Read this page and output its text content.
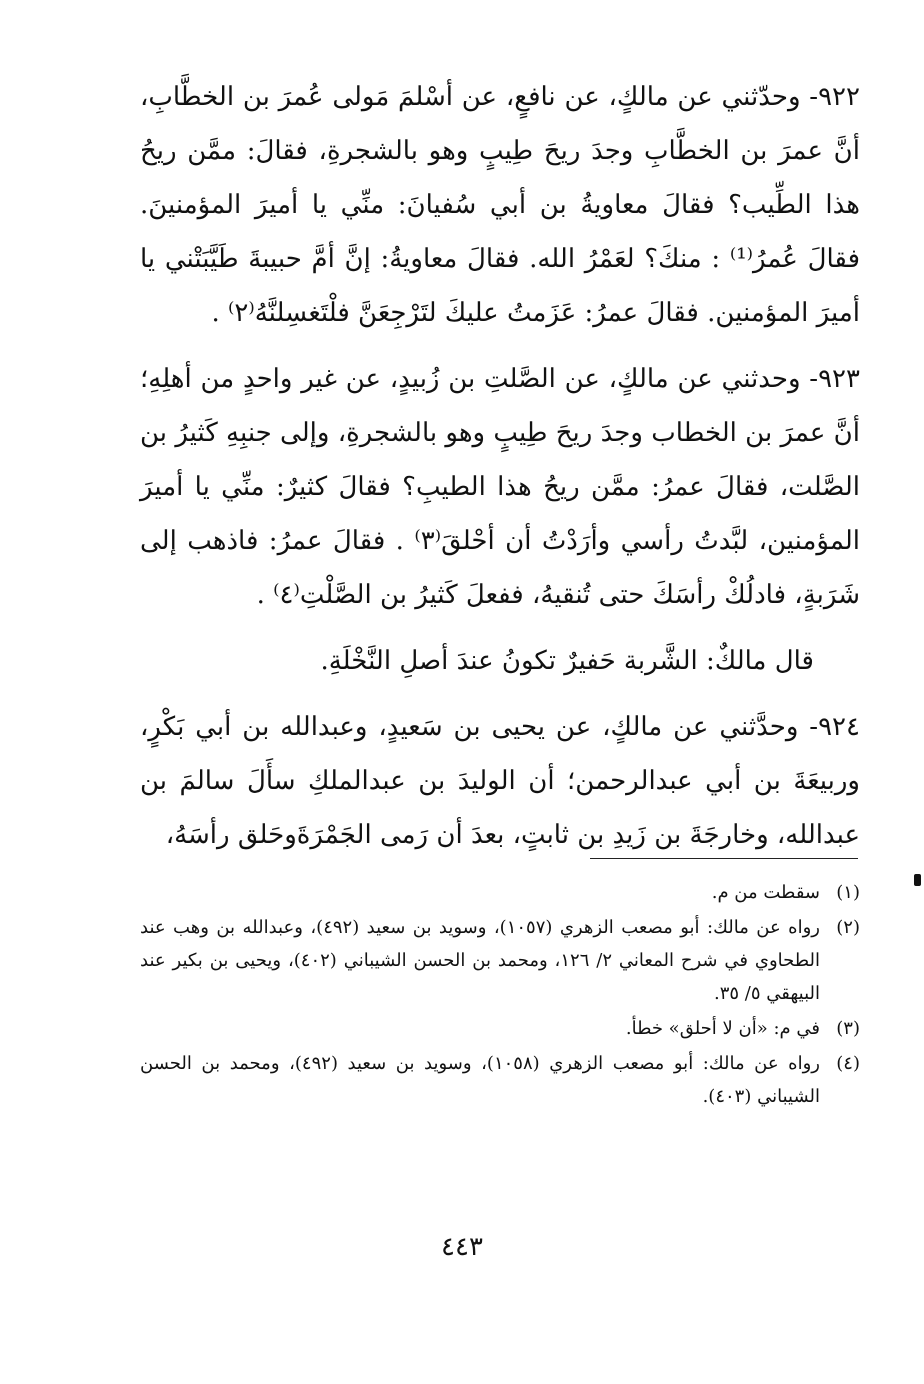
٩٢٢- وحدّثني عن مالكٍ، عن نافعٍ، عن أسْلمَ مَولى عُمرَ بن الخطَّابِ، أنَّ عمرَ بن الخطَّابِ وجدَ ريحَ طِيبٍ وهو بالشجرةِ، فقالَ: ممَّن ريحُ هذا الطِّيب؟ فقالَ معاويةُ بن أبي سُفيانَ: منِّي يا أميرَ المؤمنينَ. فقالَ عُمرُ⁽¹⁾ : منكَ؟ لعَمْرُ الله. فقالَ معاويةُ: إنَّ أمَّ حبيبةَ طَيَّبَتْني يا أميرَ المؤمنين. فقالَ عمرُ: عَزَمتُ عليكَ لتَرْجِعَنَّ فلْتَغسِلنَّهُ⁽٢⁾ .

٩٢٣- وحدثني عن مالكٍ، عن الصَّلتِ بن زُبيدٍ، عن غير واحدٍ من أهلِهِ؛ أنَّ عمرَ بن الخطاب وجدَ ريحَ طِيبٍ وهو بالشجرةِ، وإلى جنبِهِ كَثيرُ بن الصَّلت، فقالَ عمرُ: ممَّن ريحُ هذا الطيبِ؟ فقالَ كثيرٌ: منِّي يا أميرَ المؤمنين، لبَّدتُ رأسي وأرَدْتُ أن أحْلقَ⁽٣⁾ . فقالَ عمرُ: فاذهب إلى شَرَبةٍ، فادلُكْ رأسَكَ حتى تُنقيهُ، ففعلَ كَثيرُ بن الصَّلْتِ⁽٤⁾ .

قال مالكٌ: الشَّربة حَفيرٌ تكونُ عندَ أصلِ النَّخْلَةِ.

٩٢٤- وحدَّثني عن مالكٍ، عن يحيى بن سَعيدٍ، وعبدالله بن أبي بَكْرٍ، وربيعَةَ بن أبي عبدالرحمن؛ أن الوليدَ بن عبدالملكِ سأَلَ سالمَ بن عبدالله، وخارجَةَ بن زَيدِ بن ثابتٍ، بعدَ أن رَمى الجَمْرَةَوحَلق رأسَهُ،

(١)
سقطت من م.
(٢)
رواه عن مالك: أبو مصعب الزهري (١٠٥٧)، وسويد بن سعيد (٤٩٢)، وعبدالله بن وهب عند الطحاوي في شرح المعاني ٢/ ١٢٦، ومحمد بن الحسن الشيباني (٤٠٢)، ويحيى بن بكير عند البيهقي ٥/ ٣٥.
(٣)
في م: «أن لا أحلق» خطأ.
(٤)
رواه عن مالك: أبو مصعب الزهري (١٠٥٨)، وسويد بن سعيد (٤٩٢)، ومحمد بن الحسن الشيباني (٤٠٣).
٤٤٣
